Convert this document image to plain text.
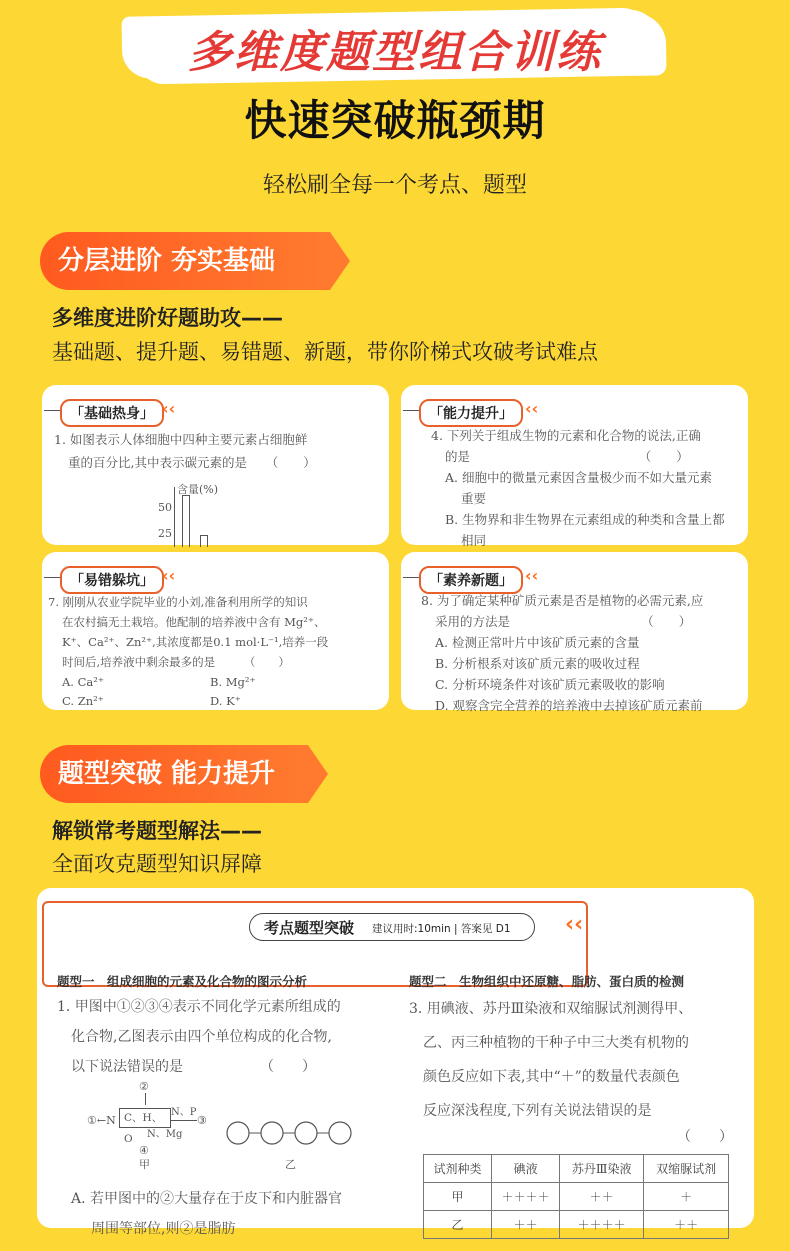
多维度题型组合训练
快速突破瓶颈期
轻松刷全每一个考点、题型
分层进阶 夯实基础
多维度进阶好题助攻——
基础题、提升题、易错题、新题，带你阶梯式攻破考试难点
「基础热身」 ‹‹
1. 如图表示人体细胞中四种主要元素占细胞鲜
重的百分比,其中表示碳元素的是　　（　　）
含量(%)
50
25
「能力提升」 ‹‹
4. 下列关于组成生物的元素和化合物的说法,正确
的是　　　　　　　　　　　　　　（　　）
A. 细胞中的微量元素因含量极少而不如大量元素
重要
B. 生物界和非生物界在元素组成的种类和含量上都
相同
「易错躲坑」 ‹‹
7. 刚刚从农业学院毕业的小刘,准备利用所学的知识
在农村搞无土栽培。他配制的培养液中含有 Mg²⁺、
K⁺、Ca²⁺、Zn²⁺,其浓度都是0.1 mol·L⁻¹,培养一段
时间后,培养液中剩余最多的是　　　（　　）
A. Ca²⁺	B. Mg²⁺
C. Zn²⁺	D. K⁺
「素养新题」 ‹‹
8. 为了确定某种矿质元素是否是植物的必需元素,应
采用的方法是　　　　　　　　　　　（　　）
A. 检测正常叶片中该矿质元素的含量
B. 分析根系对该矿质元素的吸收过程
C. 分析环境条件对该矿质元素吸收的影响
D. 观察含完全营养的培养液中去掉该矿质元素前
题型突破 能力提升
解锁常考题型解法——
全面攻克题型知识屏障
‹‹
考点题型突破 建议用时:10min | 答案见 D1
题型一　组成细胞的元素及化合物的图示分析	题型二　生物组织中还原糖、脂肪、蛋白质的检测
1. 甲图中①②③④表示不同化学元素所组成的
化合物,乙图表示由四个单位构成的化合物,
以下说法错误的是　　　　　　（　　）
②
①←N C、H、O
N、P
③
N、Mg
④
甲	乙
A. 若甲图中的②大量存在于皮下和内脏器官
周围等部位,则②是脂肪
3. 用碘液、苏丹Ⅲ染液和双缩脲试剂测得甲、
乙、丙三种植物的干种子中三大类有机物的
颜色反应如下表,其中“＋”的数量代表颜色
反应深浅程度,下列有关说法错误的是
（　　）
试剂种类	碘液	苏丹Ⅲ染液	双缩脲试剂
甲	＋＋＋＋	＋＋	＋
乙	＋＋	＋＋＋＋	＋＋
